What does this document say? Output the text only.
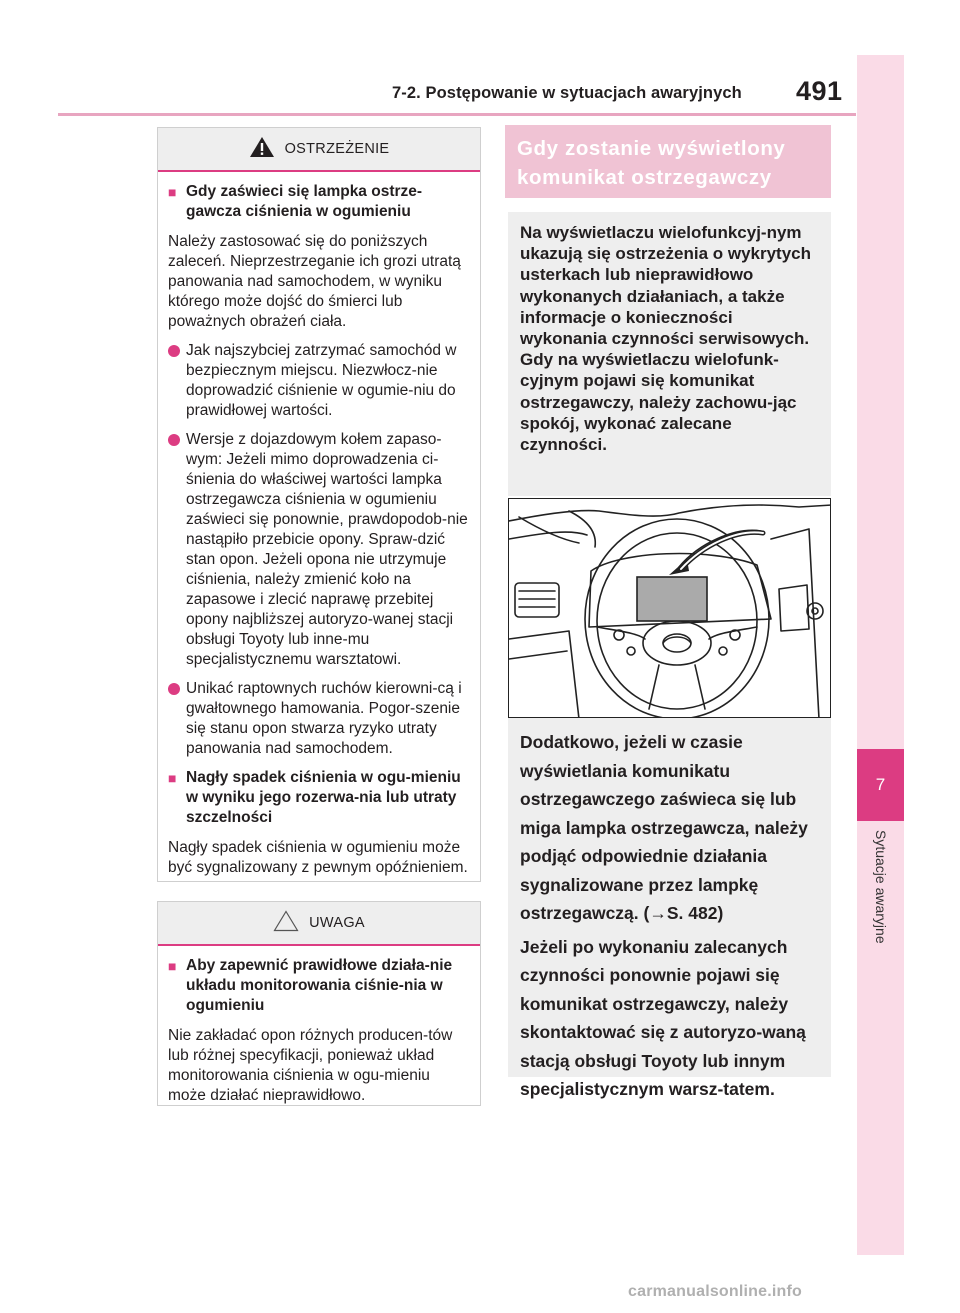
7-2. Postępowanie w sytuacjach awaryjnych 491
7
Sytuacje awaryjne
OSTRZEŻENIE
■ Gdy zaświeci się lampka ostrze-gawcza ciśnienia w ogumieniu

Należy zastosować się do poniższych zaleceń. Nieprzestrzeganie ich grozi utratą panowania nad samochodem, w wyniku którego może dojść do śmierci lub poważnych obrażeń ciała.

Jak najszybciej zatrzymać samochód w bezpiecznym miejscu. Niezwłocz-nie doprowadzić ciśnienie w ogumie-niu do prawidłowej wartości.
Wersje z dojazdowym kołem zapaso-wym: Jeżeli mimo doprowadzenia ci-śnienia do właściwej wartości lampka ostrzegawcza ciśnienia w ogumieniu zaświeci się ponownie, prawdopodob-nie nastąpiło przebicie opony. Spraw-dzić stan opon. Jeżeli opona nie utrzymuje ciśnienia, należy zmienić koło na zapasowe i zlecić naprawę przebitej opony najbliższej autoryzo-wanej stacji obsługi Toyoty lub inne-mu specjalistycznemu warsztatowi.
Unikać raptownych ruchów kierowni-cą i gwałtownego hamowania. Pogor-szenie się stanu opon stwarza ryzyko utraty panowania nad samochodem.
■ Nagły spadek ciśnienia w ogu-mieniu w wyniku jego rozerwa-nia lub utraty szczelności

Nagły spadek ciśnienia w ogumieniu może być sygnalizowany z pewnym opóźnieniem.

UWAGA
■ Aby zapewnić prawidłowe działa-nie układu monitorowania ciśnie-nia w ogumieniu

Nie zakładać opon różnych producen-tów lub różnej specyfikacji, ponieważ układ monitorowania ciśnienia w ogu-mieniu może działać nieprawidłowo.

Gdy zostanie wyświetlony komunikat ostrzegawczy
Na wyświetlaczu wielofunkcyj-nym ukazują się ostrzeżenia o wykrytych usterkach lub nieprawidłowo wykonanych działaniach, a także informacje o konieczności wykonania czynności serwisowych. Gdy na wyświetlaczu wielofunk-cyjnym pojawi się komunikat ostrzegawczy, należy zachowu-jąc spokój, wykonać zalecane czynności.

Dodatkowo, jeżeli w czasie wyświetlania komunikatu ostrzegawczego zaświeca się lub miga lampka ostrzegawcza, należy podjąć odpowiednie działania sygnalizowane przez lampkę ostrzegawczą. (→S. 482)

Jeżeli po wykonaniu zalecanych czynności ponownie pojawi się komunikat ostrzegawczy, należy skontaktować się z autoryzo-waną stacją obsługi Toyoty lub innym specjalistycznym warsz-tatem.

carmanualsonline.info
